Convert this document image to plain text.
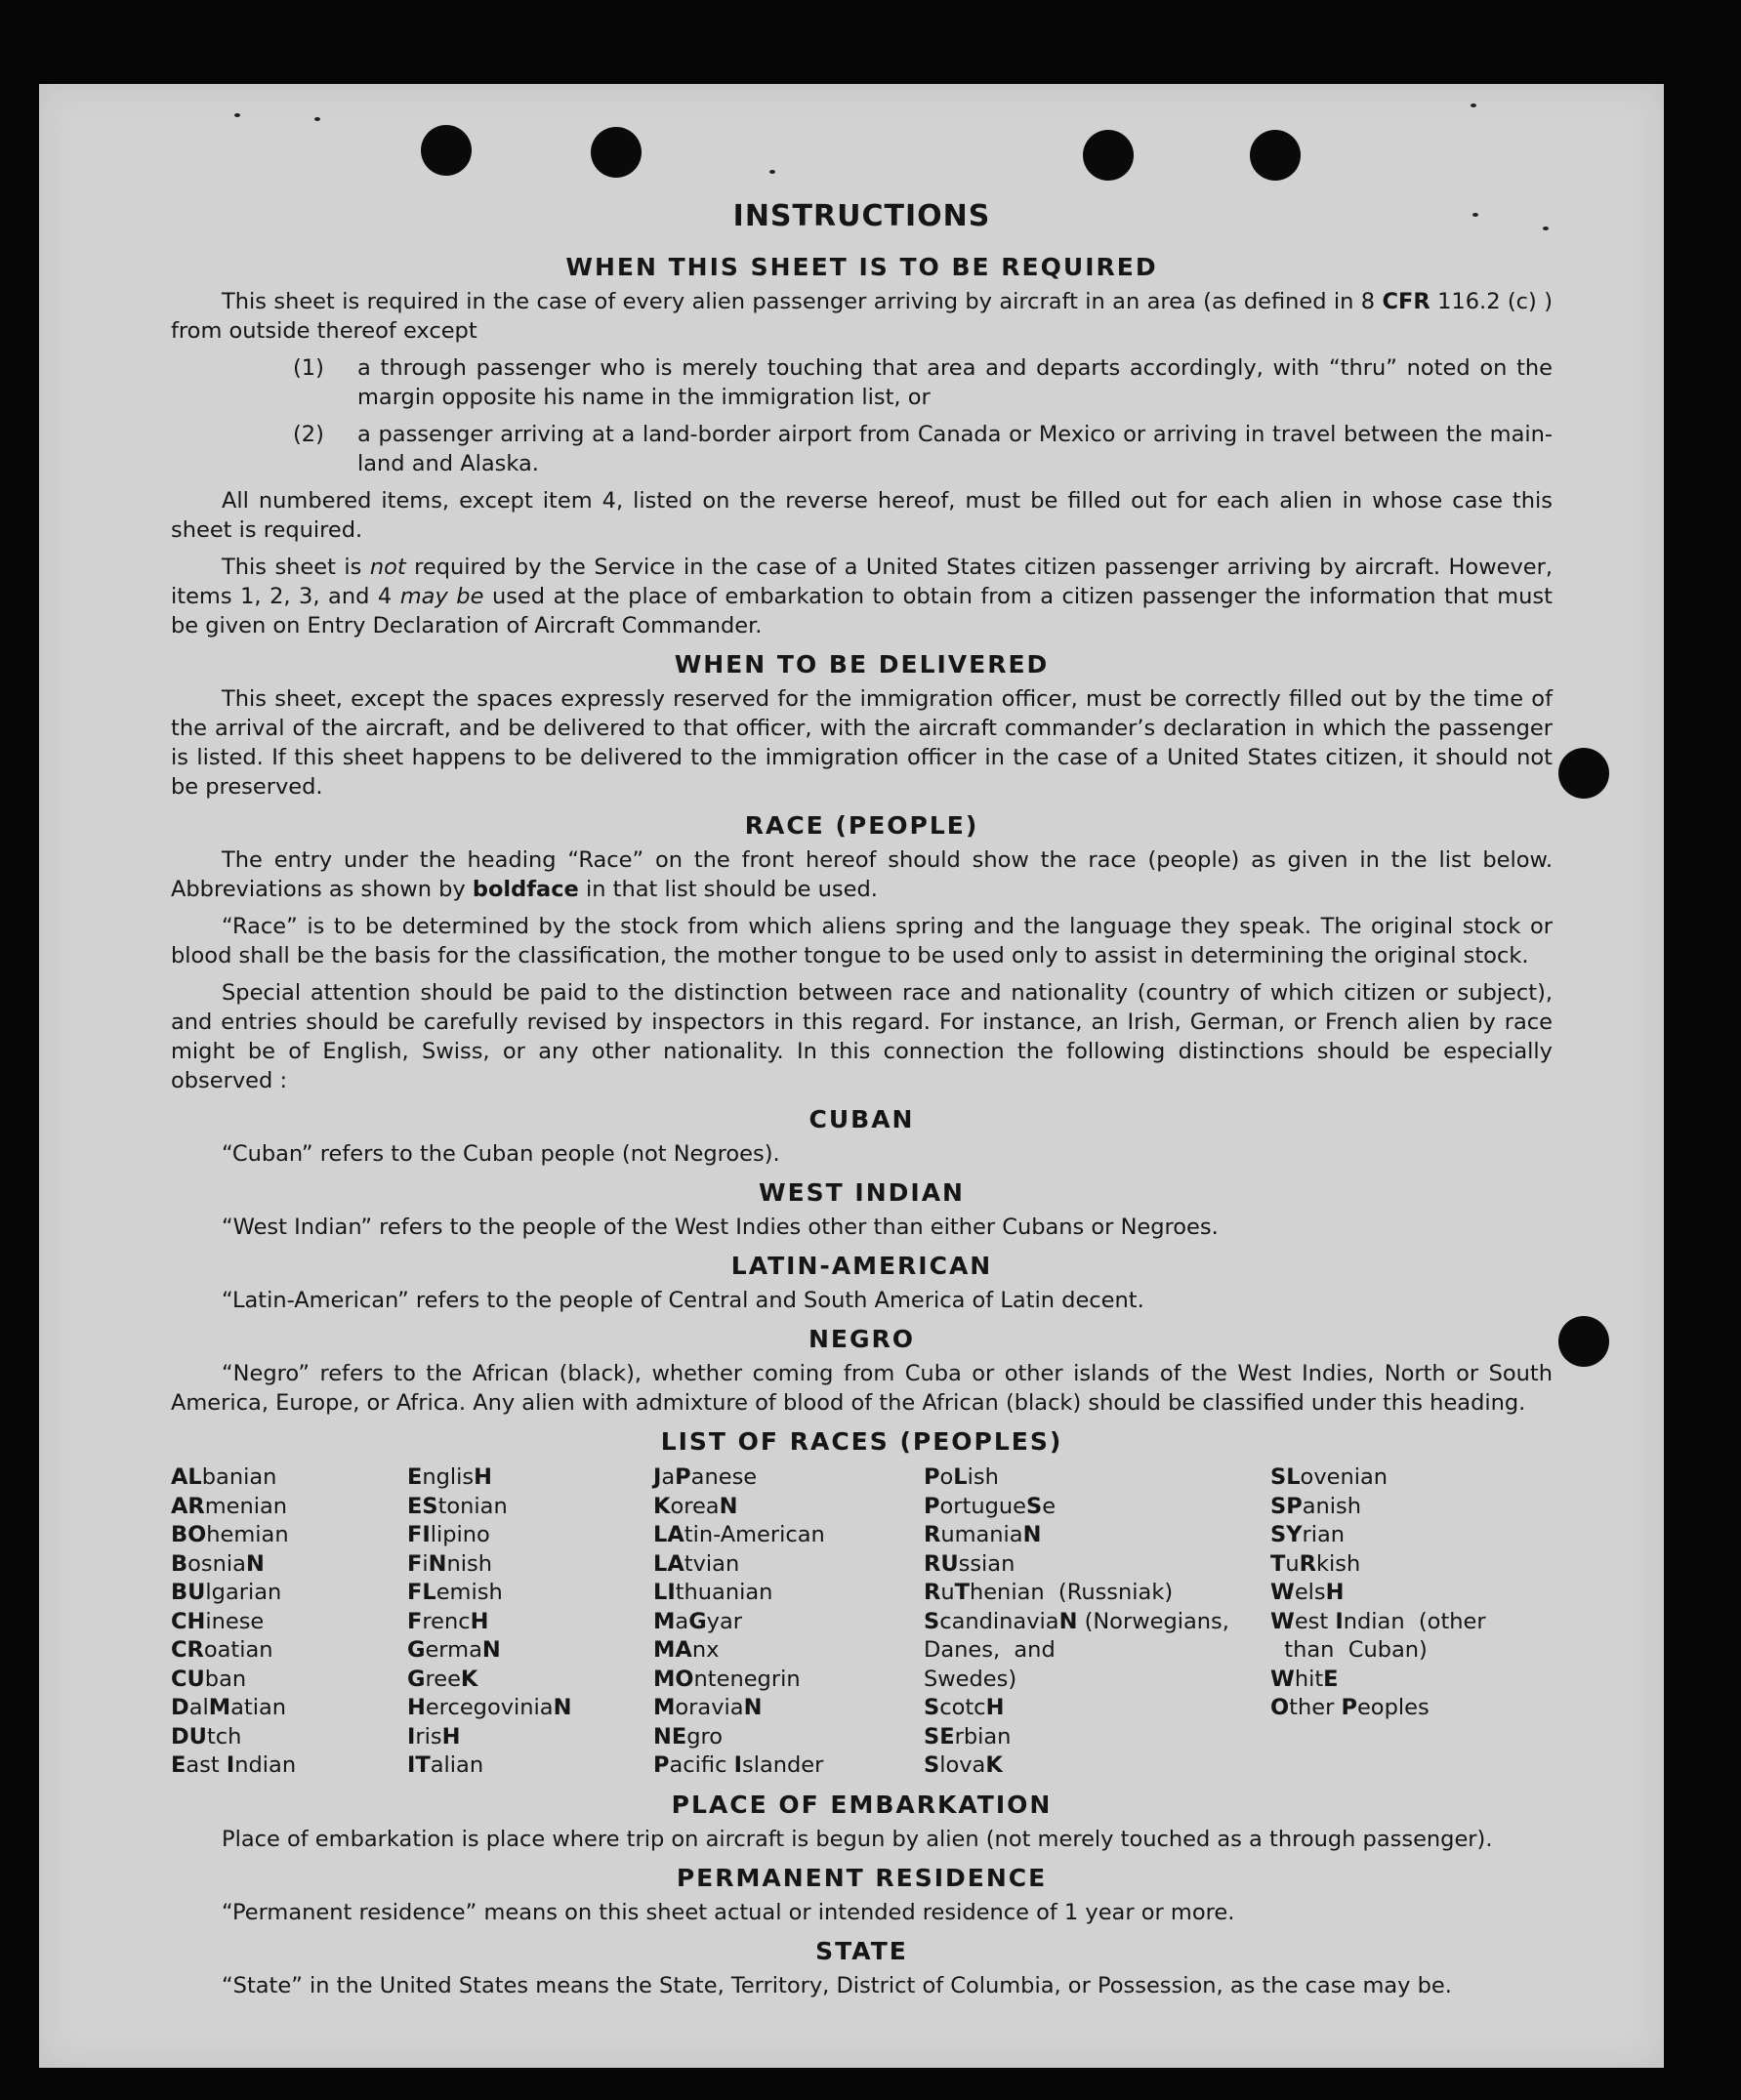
INSTRUCTIONS
WHEN THIS SHEET IS TO BE REQUIRED

This sheet is required in the case of every alien passenger arriving by aircraft in an area (as defined in 8 CFR 116.2 (c) ) from outside thereof except

(1)	a through passenger who is merely touching that area and departs accordingly, with “thru” noted on the margin opposite his name in the immigration list, or
(2)	a passenger arriving at a land-border airport from Canada or Mexico or arriving in travel between the main-land and Alaska.

All numbered items, except item 4, listed on the reverse hereof, must be filled out for each alien in whose case this sheet is required.

This sheet is not required by the Service in the case of a United States citizen passenger arriving by aircraft. However, items 1, 2, 3, and 4 may be used at the place of embarkation to obtain from a citizen passenger the information that must be given on Entry Declaration of Aircraft Commander.

WHEN TO BE DELIVERED

This sheet, except the spaces expressly reserved for the immigration officer, must be correctly filled out by the time of the arrival of the aircraft, and be delivered to that officer, with the aircraft commander’s declaration in which the passenger is listed. If this sheet happens to be delivered to the immigration officer in the case of a United States citizen, it should not be preserved.

RACE (PEOPLE)

The entry under the heading “Race” on the front hereof should show the race (people) as given in the list below. Abbreviations as shown by boldface in that list should be used.

“Race” is to be determined by the stock from which aliens spring and the language they speak. The original stock or blood shall be the basis for the classification, the mother tongue to be used only to assist in determining the original stock.

Special attention should be paid to the distinction between race and nationality (country of which citizen or subject), and entries should be carefully revised by inspectors in this regard. For instance, an Irish, German, or French alien by race might be of English, Swiss, or any other nationality. In this connection the following distinctions should be especially observed :

CUBAN

“Cuban” refers to the Cuban people (not Negroes).

WEST INDIAN

“West Indian” refers to the people of the West Indies other than either Cubans or Negroes.

LATIN-AMERICAN

“Latin-American” refers to the people of Central and South America of Latin decent.

NEGRO

“Negro” refers to the African (black), whether coming from Cuba or other islands of the West Indies, North or South America, Europe, or Africa. Any alien with admixture of blood of the African (black) should be classified under this heading.

LIST OF RACES (PEOPLES)
ALbanian
ARmenian
BOhemian
BosniaN
BUlgarian
CHinese
CRoatian
CUban
DalMatian
DUtch
East Indian
EnglisH
EStonian
FIlipino
FiNnish
FLemish
FrencH
GermaN
GreeK
HercegoviniaN
IrisH
ITalian
JaPanese
KoreaN
LAtin-American
LAtvian
LIthuanian
MaGyar
MAnx
MOntenegrin
MoraviaN
NEgro
Pacific Islander
PoLish
PortugueSe
RumaniaN
RUssian
RuThenian  (Russniak)
ScandinaviaN (Norwegians,
Danes,  and
Swedes)
ScotcH
SErbian
SlovaK
SLovenian
SPanish
SYrian
TuRkish
WelsH
West Indian  (other
than  Cuban)
WhitE
Other Peoples
PLACE OF EMBARKATION

Place of embarkation is place where trip on aircraft is begun by alien (not merely touched as a through passenger).

PERMANENT RESIDENCE

“Permanent residence” means on this sheet actual or intended residence of 1 year or more.

STATE

“State” in the United States means the State, Territory, District of Columbia, or Possession, as the case may be.
